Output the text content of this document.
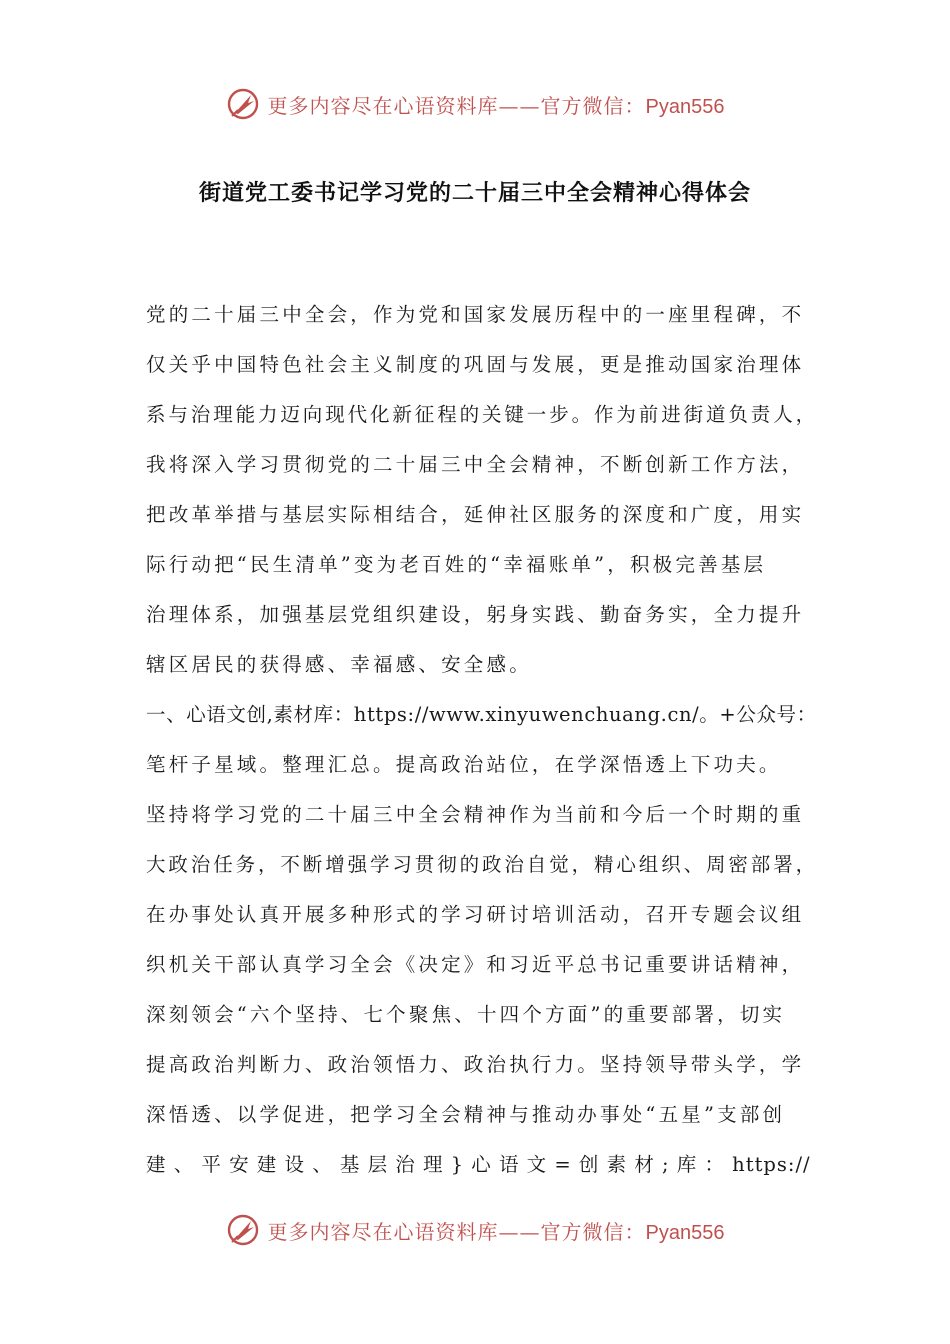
更多内容尽在心语资料库——官方微信：Pyan556
街道党工委书记学习党的二十届三中全会精神心得体会
党的二十届三中全会，作为党和国家发展历程中的一座里程碑，不
仅关乎中国特色社会主义制度的巩固与发展，更是推动国家治理体
系与治理能力迈向现代化新征程的关键一步。作为前进街道负责人，
我将深入学习贯彻党的二十届三中全会精神，不断创新工作方法，
把改革举措与基层实际相结合，延伸社区服务的深度和广度，用实
际行动把“民生清单”变为老百姓的“幸福账单”，积极完善基层
治理体系，加强基层党组织建设，躬身实践、勤奋务实，全力提升
辖区居民的获得感、幸福感、安全感。
一、心语文创,素材库：https://www.xinyuwenchuang.cn/。+公众号：
笔杆子星域。整理汇总。提高政治站位，在学深悟透上下功夫。
坚持将学习党的二十届三中全会精神作为当前和今后一个时期的重
大政治任务，不断增强学习贯彻的政治自觉，精心组织、周密部署，
在办事处认真开展多种形式的学习研讨培训活动，召开专题会议组
织机关干部认真学习全会《决定》和习近平总书记重要讲话精神，
深刻领会“六个坚持、七个聚焦、十四个方面”的重要部署，切实
提高政治判断力、政治领悟力、政治执行力。坚持领导带头学，学
深悟透、以学促进，把学习全会精神与推动办事处“五星”支部创
建 、 平 安 建 设 、 基 层 治 理 } 心 语 文 = 创 素 材 ; 库 ： https://
更多内容尽在心语资料库——官方微信：Pyan556
